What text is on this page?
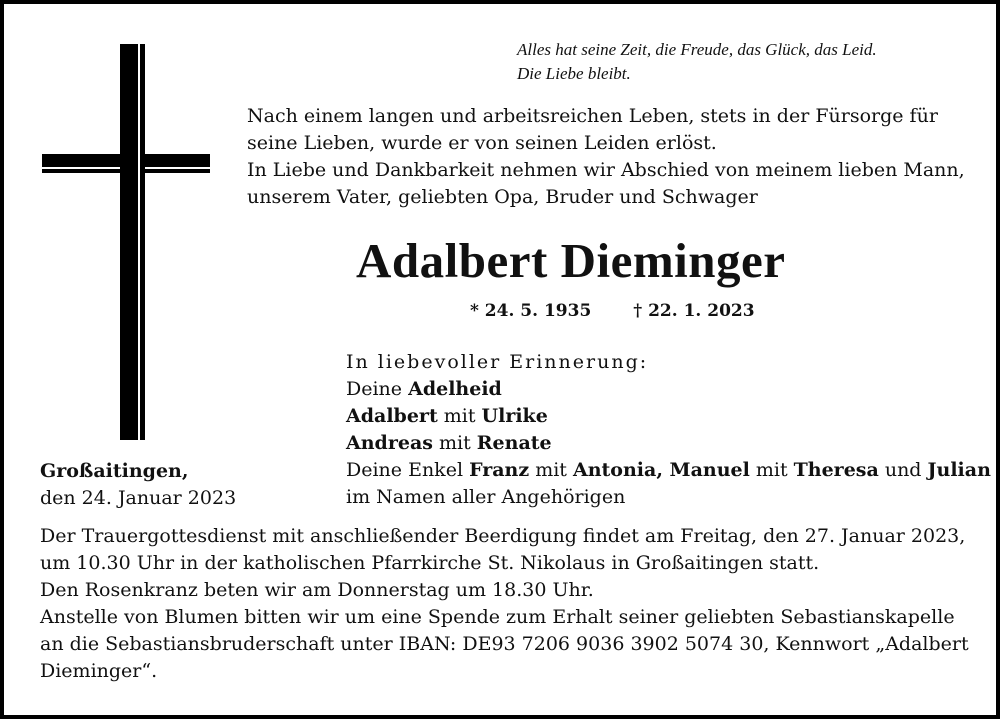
Alles hat seine Zeit, die Freude, das Glück, das Leid.
Die Liebe bleibt.
Nach einem langen und arbeitsreichen Leben, stets in der Fürsorge für
seine Lieben, wurde er von seinen Leiden erlöst.
In Liebe und Dankbarkeit nehmen wir Abschied von meinem lieben Mann,
unserem Vater, geliebten Opa, Bruder und Schwager
Adalbert Dieminger
* 24. 5. 1935 † 22. 1. 2023
In liebevoller Erinnerung:
Deine Adelheid
Adalbert mit Ulrike
Andreas mit Renate
Deine Enkel Franz mit Antonia, Manuel mit Theresa und Julian
im Namen aller Angehörigen
Großaitingen,
den 24. Januar 2023
Der Trauergottesdienst mit anschließender Beerdigung findet am Freitag, den 27. Januar 2023,
um 10.30 Uhr in der katholischen Pfarrkirche St. Nikolaus in Großaitingen statt.
Den Rosenkranz beten wir am Donnerstag um 18.30 Uhr.
Anstelle von Blumen bitten wir um eine Spende zum Erhalt seiner geliebten Sebastianskapelle
an die Sebastiansbruderschaft unter IBAN: DE93 7206 9036 3902 5074 30, Kennwort „Adalbert
Dieminger“.
